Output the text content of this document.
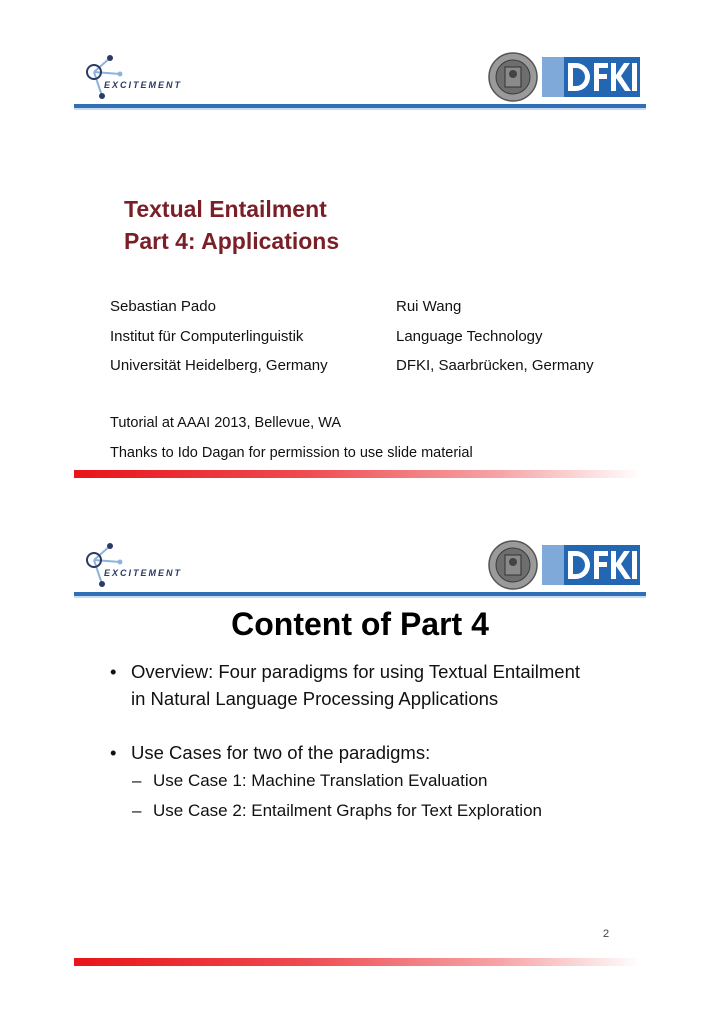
EXCITEMENT
Textual Entailment
Part 4: Applications
Sebastian Pado
Institut für Computerlinguistik
Universität Heidelberg, Germany
Rui Wang
Language Technology
DFKI, Saarbrücken, Germany
Tutorial at AAAI 2013, Bellevue, WA
Thanks to Ido Dagan for permission to use slide material
EXCITEMENT
Content of Part 4
• Overview: Four paradigms for using Textual Entailment in Natural Language Processing Applications
• Use Cases for two of the paradigms:
– Use Case 1: Machine Translation Evaluation
– Use Case 2: Entailment Graphs for Text Exploration
2
